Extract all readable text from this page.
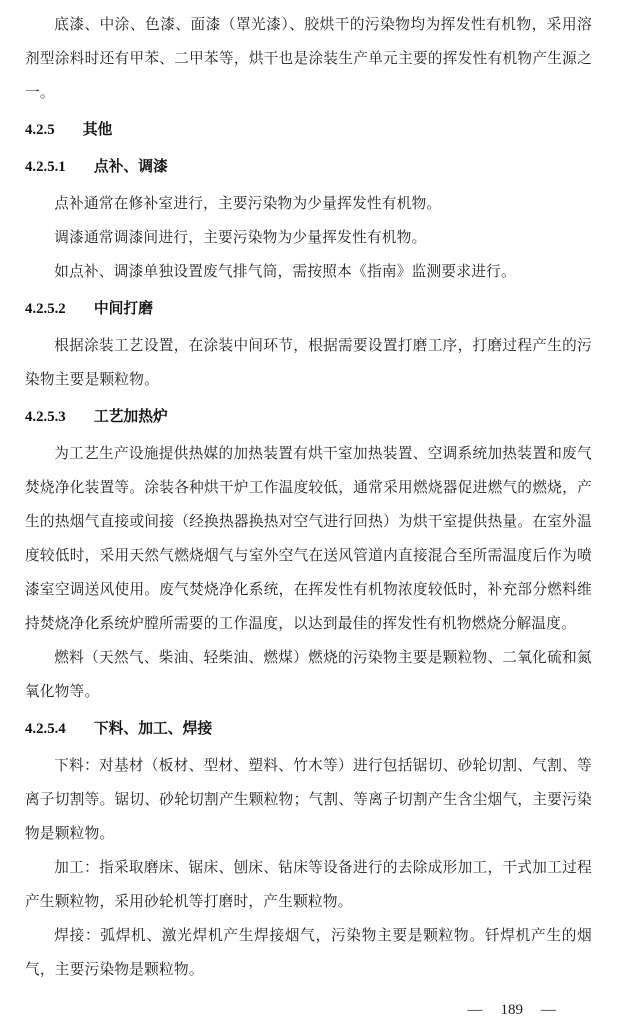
底漆、中涂、色漆、面漆（罩光漆）、胶烘干的污染物均为挥发性有机物，采用溶剂型涂料时还有甲苯、二甲苯等，烘干也是涂装生产单元主要的挥发性有机物产生源之一。

4.2.5 其他
4.2.5.1 点补、调漆

点补通常在修补室进行，主要污染物为少量挥发性有机物。

调漆通常调漆间进行，主要污染物为少量挥发性有机物。

如点补、调漆单独设置废气排气筒，需按照本《指南》监测要求进行。

4.2.5.2 中间打磨

根据涂装工艺设置，在涂装中间环节，根据需要设置打磨工序，打磨过程产生的污染物主要是颗粒物。

4.2.5.3 工艺加热炉

为工艺生产设施提供热媒的加热装置有烘干室加热装置、空调系统加热装置和废气焚烧净化装置等。涂装各种烘干炉工作温度较低，通常采用燃烧器促进燃气的燃烧，产生的热烟气直接或间接（经换热器换热对空气进行回热）为烘干室提供热量。在室外温度较低时，采用天然气燃烧烟气与室外空气在送风管道内直接混合至所需温度后作为喷漆室空调送风使用。废气焚烧净化系统，在挥发性有机物浓度较低时，补充部分燃料维持焚烧净化系统炉膛所需要的工作温度，以达到最佳的挥发性有机物燃烧分解温度。

燃料（天然气、柴油、轻柴油、燃煤）燃烧的污染物主要是颗粒物、二氧化硫和氮氧化物等。

4.2.5.4 下料、加工、焊接

下料：对基材（板材、型材、塑料、竹木等）进行包括锯切、砂轮切割、气割、等离子切割等。锯切、砂轮切割产生颗粒物；气割、等离子切割产生含尘烟气，主要污染物是颗粒物。

加工：指采取磨床、锯床、刨床、钻床等设备进行的去除成形加工，干式加工过程产生颗粒物，采用砂轮机等打磨时，产生颗粒物。

焊接：弧焊机、激光焊机产生焊接烟气，污染物主要是颗粒物。钎焊机产生的烟气，主要污染物是颗粒物。

— 189 —
